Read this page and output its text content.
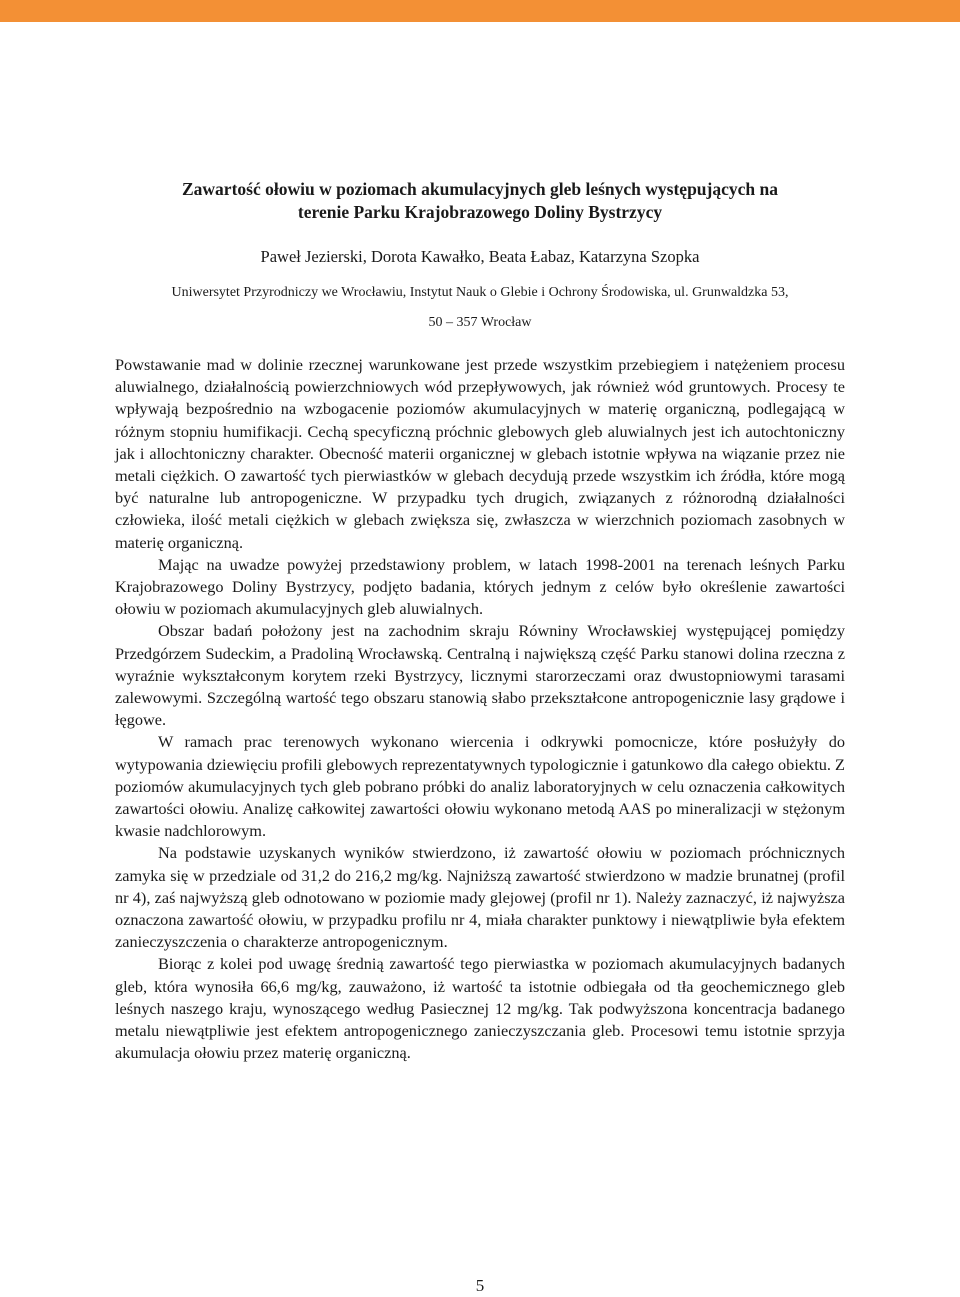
Zawartość ołowiu w poziomach akumulacyjnych gleb leśnych występujących na
terenie Parku Krajobrazowego Doliny Bystrzycy
Paweł Jezierski, Dorota Kawałko, Beata Łabaz, Katarzyna Szopka
Uniwersytet Przyrodniczy we Wrocławiu, Instytut Nauk o Glebie i Ochrony Środowiska, ul. Grunwaldzka 53,
50 – 357 Wrocław

Powstawanie mad w dolinie rzecznej warunkowane jest przede wszystkim przebiegiem i natężeniem procesu aluwialnego, działalnością powierzchniowych wód przepływowych, jak również wód gruntowych. Procesy te wpływają bezpośrednio na wzbogacenie poziomów akumulacyjnych w materię organiczną, podlegającą w różnym stopniu humifikacji. Cechą specyficzną próchnic glebowych gleb aluwialnych jest ich autochtoniczny jak i allochtoniczny charakter. Obecność materii organicznej w glebach istotnie wpływa na wiązanie przez nie metali ciężkich. O zawartość tych pierwiastków w glebach decydują przede wszystkim ich źródła, które mogą być naturalne lub antropogeniczne. W przypadku tych drugich, związanych z różnorodną działalności człowieka, ilość metali ciężkich w glebach zwiększa się, zwłaszcza w wierzchnich poziomach zasobnych w materię organiczną.

Mając na uwadze powyżej przedstawiony problem, w latach 1998-2001 na terenach leśnych Parku Krajobrazowego Doliny Bystrzycy, podjęto badania, których jednym z celów było określenie zawartości ołowiu w poziomach akumulacyjnych gleb aluwialnych.

Obszar badań położony jest na zachodnim skraju Równiny Wrocławskiej występującej pomiędzy Przedgórzem Sudeckim, a Pradoliną Wrocławską. Centralną i największą część Parku stanowi dolina rzeczna z wyraźnie wykształconym korytem rzeki Bystrzycy, licznymi starorzeczami oraz dwustopniowymi tarasami zalewowymi. Szczególną wartość tego obszaru stanowią słabo przekształcone antropogenicznie lasy grądowe i łęgowe.

W ramach prac terenowych wykonano wiercenia i odkrywki pomocnicze, które posłużyły do wytypowania dziewięciu profili glebowych reprezentatywnych typologicznie i gatunkowo dla całego obiektu. Z poziomów akumulacyjnych tych gleb pobrano próbki do analiz laboratoryjnych w celu oznaczenia całkowitych zawartości ołowiu. Analizę całkowitej zawartości ołowiu wykonano metodą AAS po mineralizacji w stężonym kwasie nadchlorowym.

Na podstawie uzyskanych wyników stwierdzono, iż zawartość ołowiu w poziomach próchnicznych zamyka się w przedziale od 31,2 do 216,2 mg/kg. Najniższą zawartość stwierdzono w madzie brunatnej (profil nr 4), zaś najwyższą gleb odnotowano w poziomie mady glejowej (profil nr 1). Należy zaznaczyć, iż najwyższa oznaczona zawartość ołowiu, w przypadku profilu nr 4, miała charakter punktowy i niewątpliwie była efektem zanieczyszczenia o charakterze antropogenicznym.

Biorąc z kolei pod uwagę średnią zawartość tego pierwiastka w poziomach akumulacyjnych badanych gleb, która wynosiła 66,6 mg/kg, zauważono, iż wartość ta istotnie odbiegała od tła geochemicznego gleb leśnych naszego kraju, wynoszącego według Pasiecznej 12 mg/kg. Tak podwyższona koncentracja badanego metalu niewątpliwie jest efektem antropogenicznego zanieczyszczania gleb. Procesowi temu istotnie sprzyja akumulacja ołowiu przez materię organiczną.

5
